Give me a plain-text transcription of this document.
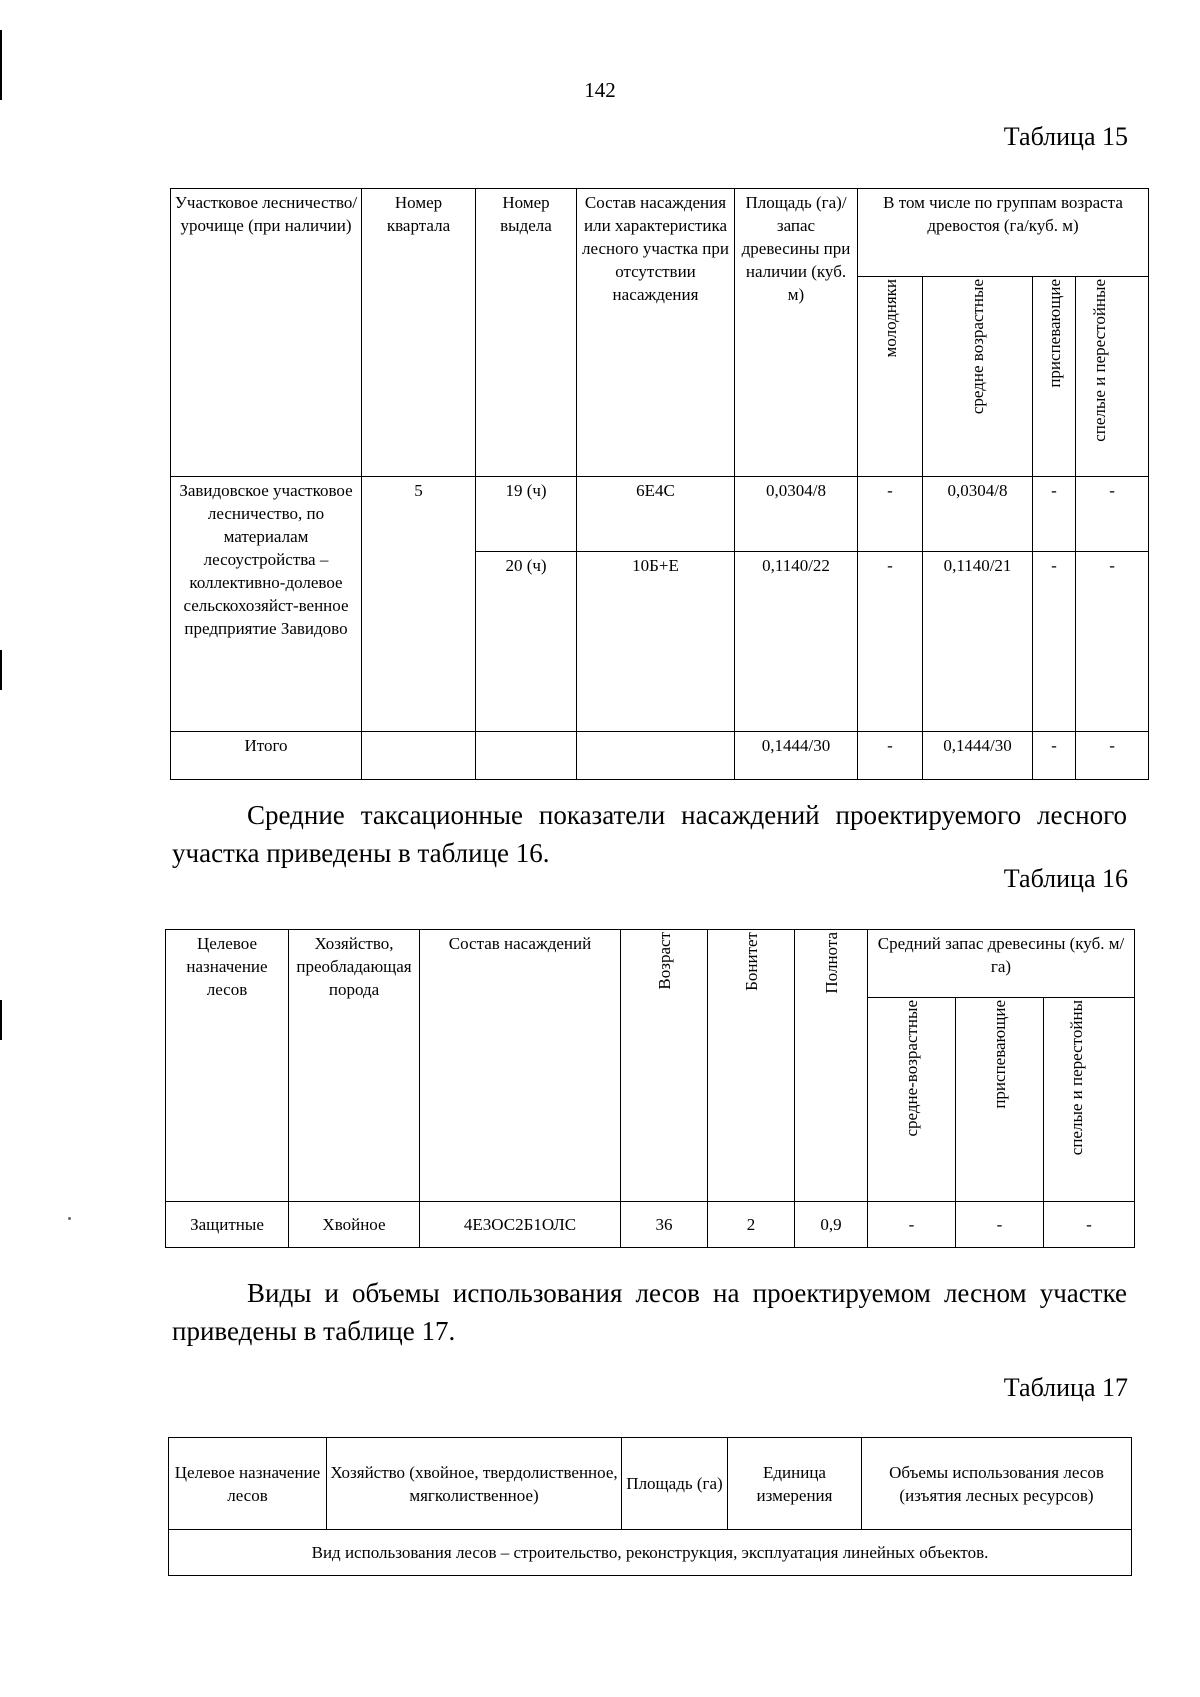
142
Таблица 15
Участковое лесничество/ урочище (при наличии)	Номер квартала	Номер выдела	Состав насаждения или характеристика лесного участка при отсутствии насаждения	Площадь (га)/запас древесины при наличии (куб. м)	В том числе по группам возраста древостоя (га/куб. м)			
					молодняки	средне возрастные	приспевающие	спелые и перестойные
Завидовское участковое лесничество, по материалам лесоустройства – коллективно-долевое сельскохозяйст-венное предприятие Завидово	5	19 (ч)	6Е4С	0,0304/8	-	0,0304/8	-	-
		20 (ч)	10Б+Е	0,1140/22	-	0,1140/21	-	-
Итого				0,1444/30	-	0,1444/30	-	-

Средние таксационные показатели насаждений проектируемого лесного участка приведены в таблице 16.

Таблица 16
Целевое назначение лесов	Хозяйство, преобладающая порода	Состав насаждений	Возраст	Бонитет	Полнота	Средний запас древесины (куб. м/га)		
						средне-возрастные	приспевающие	спелые и перестойны
Защитные	Хвойное	4Е3ОС2Б1ОЛС	36	2	0,9	-	-	-

Виды и объемы использования лесов на проектируемом лесном участке приведены в таблице 17.

Таблица 17
Целевое назначение лесов	Хозяйство (хвойное, твердолиственное, мягколиственное)	Площадь (га)	Единица измерения	Объемы использования лесов (изъятия лесных ресурсов)
Вид использования лесов – строительство, реконструкция, эксплуатация линейных объектов.
